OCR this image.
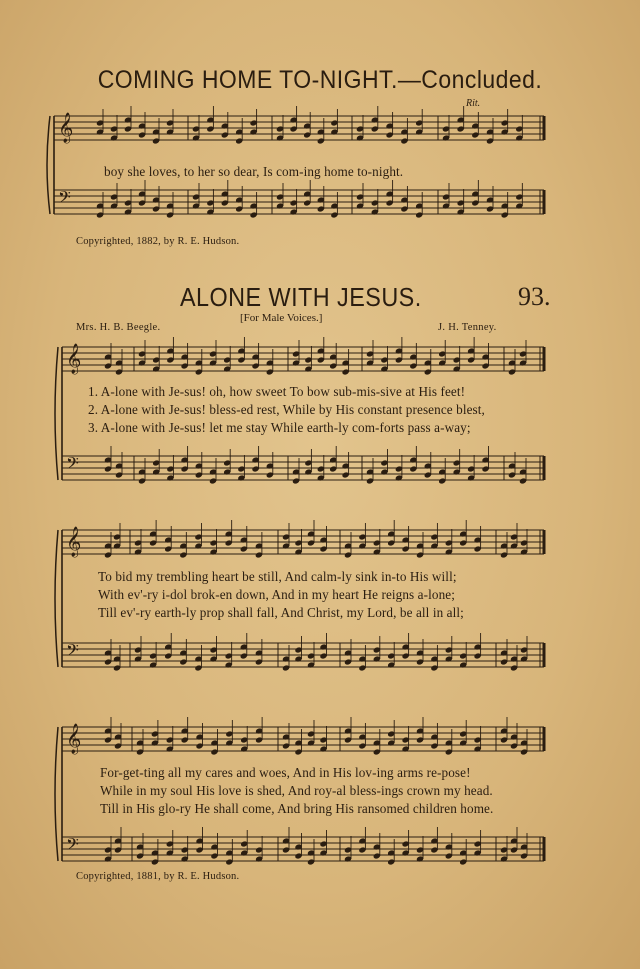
COMING HOME TO-NIGHT.—Concluded.
Rit.
boy she loves, to her so dear, Is com-ing home to-night.
Copyrighted, 1882, by R. E. Hudson.
ALONE WITH JESUS.	93.
[For Male Voices.]
Mrs. H. B. Beegle.	J. H. Tenney.
1. A-lone with Je-sus! oh, how sweet To bow sub-mis-sive at His feet!
2. A-lone with Je-sus! bless-ed rest, While by His constant presence blest,
3. A-lone with Je-sus! let me stay While earth-ly com-forts pass a-way;
To bid my trembling heart be still, And calm-ly sink in-to His will;
With ev'-ry i-dol brok-en down, And in my heart He reigns a-lone;
Till ev'-ry earth-ly prop shall fall, And Christ, my Lord, be all in all;
For-get-ting all my cares and woes, And in His lov-ing arms re-pose!
While in my soul His love is shed, And roy-al bless-ings crown my head.
Till in His glo-ry He shall come, And bring His ransomed children home.
Copyrighted, 1881, by R. E. Hudson.
𝄞
𝄢
𝄞
𝄢
𝄞
𝄢
𝄞
𝄢
